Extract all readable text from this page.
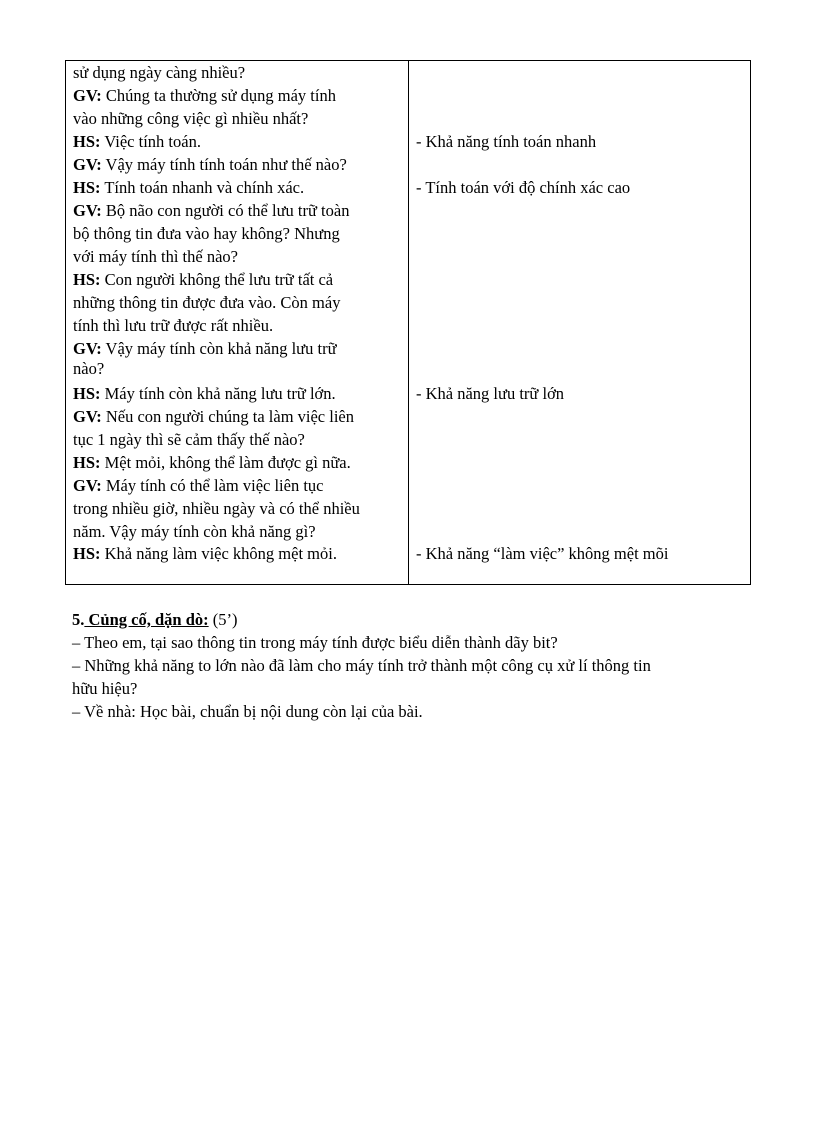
sử dụng ngày càng nhiều?
GV: Chúng ta thường sử dụng máy tính
vào những công việc gì nhiều nhất?
HS: Việc tính toán.
GV: Vậy máy tính tính toán như thế nào?
HS: Tính toán nhanh và chính xác.
GV: Bộ não con người có thể lưu trữ toàn
bộ thông tin đưa vào hay không? Nhưng
với máy tính thì thế nào?
HS: Con người không thể lưu trữ tất cả
những thông tin được đưa vào. Còn máy
tính thì lưu trữ được rất nhiều.
GV: Vậy máy tính còn khả năng lưu trữ
nào?
HS: Máy tính còn khả năng lưu trữ lớn.
GV: Nếu con người chúng ta làm việc liên
tục 1 ngày thì sẽ cảm thấy thế nào?
HS: Mệt mỏi, không thể làm được gì nữa.
GV: Máy tính có thể làm việc liên tục
trong nhiều giờ, nhiều ngày và có thể nhiều
năm. Vậy máy tính còn khả năng gì?
HS: Khả năng làm việc không mệt mỏi.
- Khả năng tính toán nhanh
- Tính toán với độ chính xác cao
- Khả năng lưu trữ lớn
- Khả năng “làm việc” không mệt mõi
5. Củng cố, dặn dò: (5’)
– Theo em, tại sao thông tin trong máy tính được biểu diễn thành dãy bit?
– Những khả năng to lớn nào đã làm cho máy tính trở thành một công cụ xử lí thông tin
hữu hiệu?
– Về nhà: Học bài, chuẩn bị nội dung còn lại của bài.
